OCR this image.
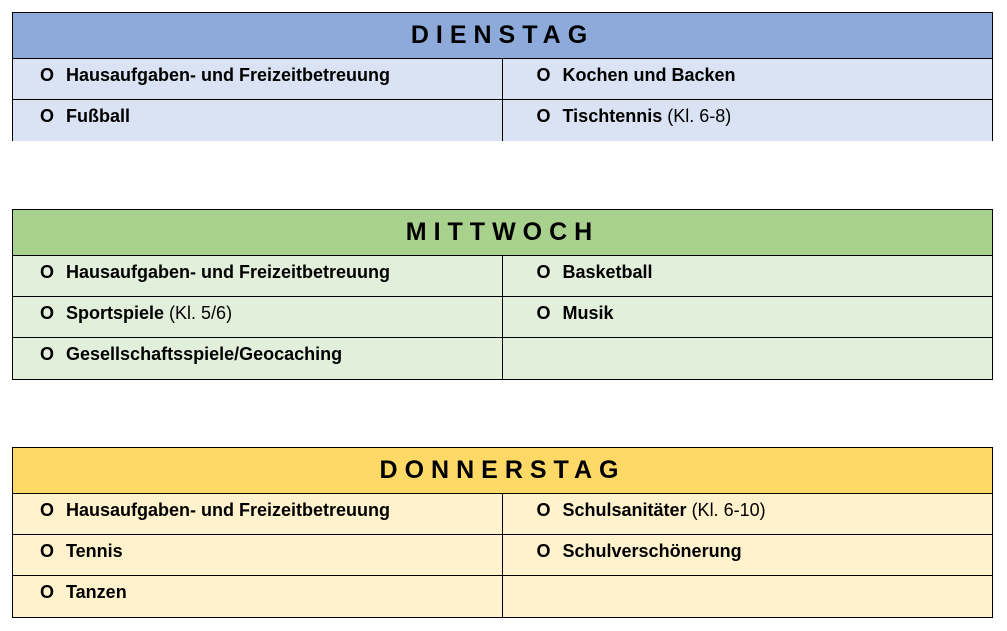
DIENSTAG
O Hausaufgaben- und Freizeitbetreuung	O Kochen und Backen
O Fußball	O Tischtennis (Kl. 6-8)
MITTWOCH
O Hausaufgaben- und Freizeitbetreuung	O Basketball
O Sportspiele (Kl. 5/6)	O Musik
O Gesellschaftsspiele/Geocaching
DONNERSTAG
O Hausaufgaben- und Freizeitbetreuung	O Schulsanitäter (Kl. 6-10)
O Tennis	O Schulverschönerung
O Tanzen
